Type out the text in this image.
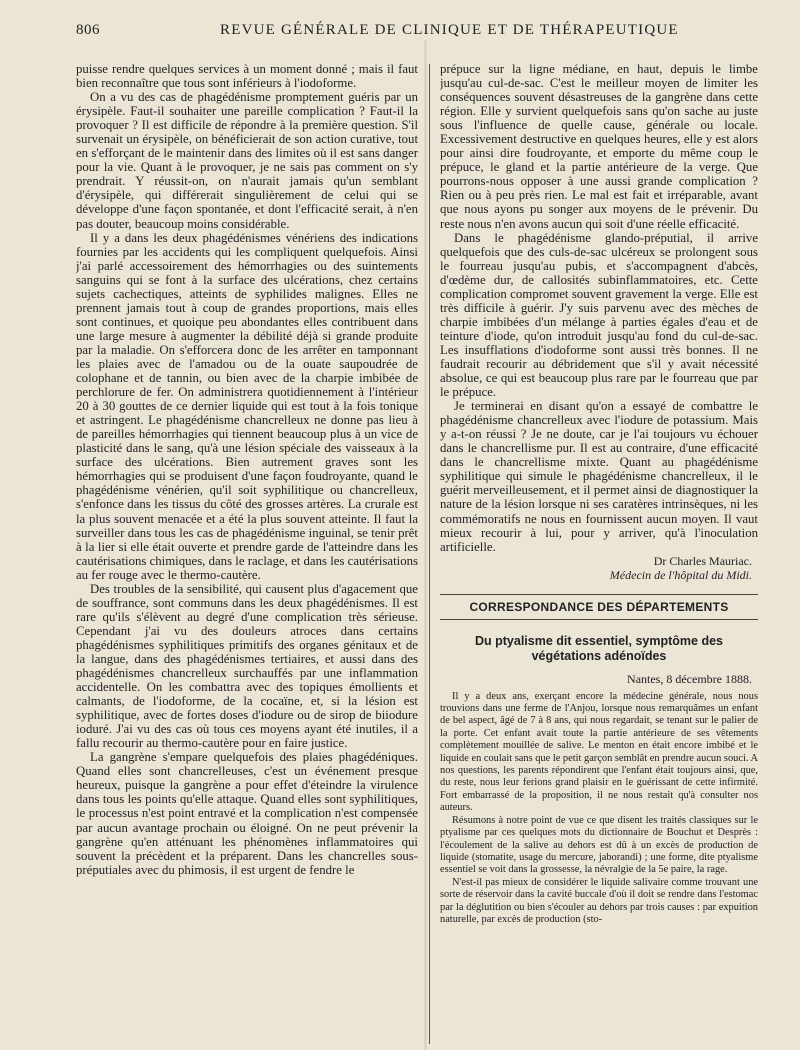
806	REVUE GÉNÉRALE DE CLINIQUE ET DE THÉRAPEUTIQUE

puisse rendre quelques services à un moment donné ; mais il faut bien reconnaître que tous sont inférieurs à l'iodoforme.

On a vu des cas de phagédénisme promptement guéris par un érysipèle. Faut-il souhaiter une pareille complication ? Faut-il la provoquer ? Il est difficile de répondre à la première question. S'il survenait un érysipèle, on bénéficierait de son action curative, tout en s'efforçant de le maintenir dans des limites où il est sans danger pour la vie. Quant à le provoquer, je ne sais pas comment on s'y prendrait. Y réussit-on, on n'aurait jamais qu'un semblant d'érysipèle, qui différerait singulièrement de celui qui se développe d'une façon spontanée, et dont l'efficacité serait, à n'en pas douter, beaucoup moins considérable.

Il y a dans les deux phagédénismes vénériens des indications fournies par les accidents qui les compliquent quelquefois. Ainsi j'ai parlé accessoirement des hémorrhagies ou des suintements sanguins qui se font à la surface des ulcérations, chez certains sujets cachectiques, atteints de syphilides malignes. Elles ne prennent jamais tout à coup de grandes proportions, mais elles sont continues, et quoique peu abondantes elles contribuent dans une large mesure à augmenter la débilité déjà si grande produite par la maladie. On s'efforcera donc de les arrêter en tamponnant les plaies avec de l'amadou ou de la ouate saupoudrée de colophane et de tannin, ou bien avec de la charpie imbibée de perchlorure de fer. On administrera quotidiennement à l'intérieur 20 à 30 gouttes de ce dernier liquide qui est tout à la fois tonique et astringent. Le phagédénisme chancrelleux ne donne pas lieu à de pareilles hémorrhagies qui tiennent beaucoup plus à un vice de plasticité dans le sang, qu'à une lésion spéciale des vaisseaux à la surface des ulcérations. Bien autrement graves sont les hémorrhagies qui se produisent d'une façon foudroyante, quand le phagédénisme vénérien, qu'il soit syphilitique ou chancrelleux, s'enfonce dans les tissus du côté des grosses artères. La crurale est la plus souvent menacée et a été la plus souvent atteinte. Il faut la surveiller dans tous les cas de phagédénisme inguinal, se tenir prêt à la lier si elle était ouverte et prendre garde de l'atteindre dans les cautérisations chimiques, dans le raclage, et dans les cautérisations au fer rouge avec le thermo-cautère.

Des troubles de la sensibilité, qui causent plus d'agacement que de souffrance, sont communs dans les deux phagédénismes. Il est rare qu'ils s'élèvent au degré d'une complication très sérieuse. Cependant j'ai vu des douleurs atroces dans certains phagédénismes syphilitiques primitifs des organes génitaux et de la langue, dans des phagédénismes tertiaires, et aussi dans des phagédénismes chancrelleux surchauffés par une inflammation accidentelle. On les combattra avec des topiques émollients et calmants, de l'iodoforme, de la cocaïne, et, si la lésion est syphilitique, avec de fortes doses d'iodure ou de sirop de biiodure ioduré. J'ai vu des cas où tous ces moyens ayant été inutiles, il a fallu recourir au thermo-cautère pour en faire justice.

La gangrène s'empare quelquefois des plaies phagédéniques. Quand elles sont chancrelleuses, c'est un événement presque heureux, puisque la gangrène a pour effet d'éteindre la virulence dans tous les points qu'elle attaque. Quand elles sont syphilitiques, le processus n'est point entravé et la complication n'est compensée par aucun avantage prochain ou éloigné. On ne peut prévenir la gangrène qu'en atténuant les phénomènes inflammatoires qui souvent la précèdent et la préparent. Dans les chancrelles sous-préputiales avec du phimosis, il est urgent de fendre le

prépuce sur la ligne médiane, en haut, depuis le limbe jusqu'au cul-de-sac. C'est le meilleur moyen de limiter les conséquences souvent désastreuses de la gangrène dans cette région. Elle y survient quelquefois sans qu'on sache au juste sous l'influence de quelle cause, générale ou locale. Excessivement destructive en quelques heures, elle y est alors pour ainsi dire foudroyante, et emporte du même coup le prépuce, le gland et la partie antérieure de la verge. Que pourrons-nous opposer à une aussi grande complication ? Rien ou à peu près rien. Le mal est fait et irréparable, avant que nous ayons pu songer aux moyens de le prévenir. Du reste nous n'en avons aucun qui soit d'une réelle efficacité.

Dans le phagédénisme glando-préputial, il arrive quelquefois que des culs-de-sac ulcéreux se prolongent sous le fourreau jusqu'au pubis, et s'accompagnent d'abcès, d'œdème dur, de callosités subinflammatoires, etc. Cette complication compromet souvent gravement la verge. Elle est très difficile à guérir. J'y suis parvenu avec des mèches de charpie imbibées d'un mélange à parties égales d'eau et de teinture d'iode, qu'on introduit jusqu'au fond du cul-de-sac. Les insufflations d'iodoforme sont aussi très bonnes. Il ne faudrait recourir au débridement que s'il y avait nécessité absolue, ce qui est beaucoup plus rare par le fourreau que par le prépuce.

Je terminerai en disant qu'on a essayé de combattre le phagédénisme chancrelleux avec l'iodure de potassium. Mais y a-t-on réussi ? Je ne doute, car je l'ai toujours vu échouer dans le chancrellisme pur. Il est au contraire, d'une efficacité dans le chancrellisme mixte. Quant au phagédénisme syphilitique qui simule le phagédénisme chancrelleux, il le guérit merveilleusement, et il permet ainsi de diagnostiquer la nature de la lésion lorsque ni ses caratères intrinsèques, ni les commémoratifs ne nous en fournissent aucun moyen. Il vaut mieux recourir à lui, pour y arriver, qu'à l'inoculation artificielle.

Dr Charles Mauriac.
Médecin de l'hôpital du Midi.
CORRESPONDANCE DES DÉPARTEMENTS
Du ptyalisme dit essentiel, symptôme des végétations adénoïdes
Nantes, 8 décembre 1888.

Il y a deux ans, exerçant encore la médecine générale, nous nous trouvions dans une ferme de l'Anjou, lorsque nous remarquâmes un enfant de bel aspect, âgé de 7 à 8 ans, qui nous regardait, se tenant sur le palier de la porte. Cet enfant avait toute la partie antérieure de ses vêtements complètement mouillée de salive. Le menton en était encore imbibé et le liquide en coulait sans que le petit garçon semblât en prendre aucun souci. A nos questions, les parents répondirent que l'enfant était toujours ainsi, que, du reste, nous leur ferions grand plaisir en le guérissant de cette infirmité. Fort embarrassé de la proposition, il ne nous restait qu'à consulter nos auteurs.

Résumons à notre point de vue ce que disent les traités classiques sur le ptyalisme par ces quelques mots du dictionnaire de Bouchut et Desprès : l'écoulement de la salive au dehors est dû à un excès de production de liquide (stomatite, usage du mercure, jaborandi) ; une forme, dite ptyalisme essentiel se voit dans la grossesse, la névralgie de la 5e paire, la rage.

N'est-il pas mieux de considérer le liquide salivaire comme trouvant une sorte de réservoir dans la cavité buccale d'où il doit se rendre dans l'estomac par la déglutition ou bien s'écouler au dehors par trois causes : par expuition naturelle, par excès de production (sto-
